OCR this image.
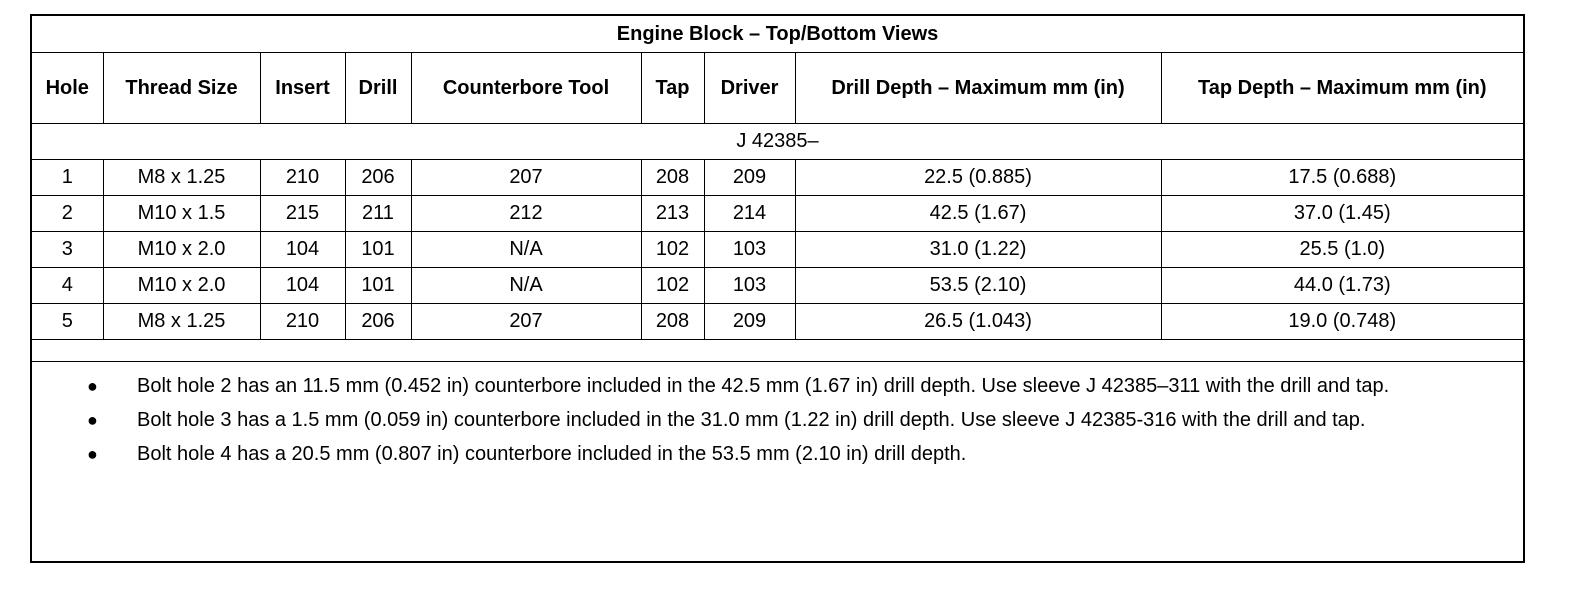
Engine Block – Top/Bottom Views								
Hole	Thread Size	Insert	Drill	Counterbore Tool	Tap	Driver	Drill Depth – Maximum mm (in)	Tap Depth – Maximum mm (in)
J 42385–								
1	M8 x 1.25	210	206	207	208	209	22.5 (0.885)	17.5 (0.688)
2	M10 x 1.5	215	211	212	213	214	42.5 (1.67)	37.0 (1.45)
3	M10 x 2.0	104	101	N/A	102	103	31.0 (1.22)	25.5 (1.0)
4	M10 x 2.0	104	101	N/A	102	103	53.5 (2.10)	44.0 (1.73)
5	M8 x 1.25	210	206	207	208	209	26.5 (1.043)	19.0 (0.748)
● Bolt hole 2 has an 11.5 mm (0.452 in) counterbore included in the 42.5 mm (1.67 in) drill depth. Use sleeve J 42385–311 with the drill and tap.
● Bolt hole 3 has a 1.5 mm (0.059 in) counterbore included in the 31.0 mm (1.22 in) drill depth. Use sleeve J 42385-316 with the drill and tap.
● Bolt hole 4 has a 20.5 mm (0.807 in) counterbore included in the 53.5 mm (2.10 in) drill depth.
